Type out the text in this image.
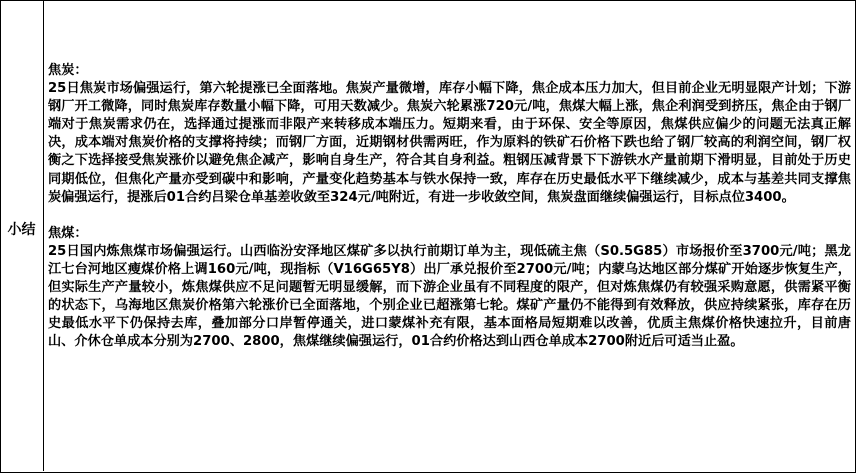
小结
焦炭：
25日焦炭市场偏强运行，第六轮提涨已全面落地。焦炭产量微增，库存小幅下降，焦企成本压力加大，但目前企业无明显限产计划；下游钢厂开工微降，同时焦炭库存数量小幅下降，可用天数减少。焦炭六轮累涨720元/吨，焦煤大幅上涨，焦企利润受到挤压，焦企由于钢厂端对于焦炭需求仍在，选择通过提涨而非限产来转移成本端压力。短期来看，由于环保、安全等原因，焦煤供应偏少的问题无法真正解决，成本端对焦炭价格的支撑将持续；而钢厂方面，近期钢材供需两旺，作为原料的铁矿石价格下跌也给了钢厂较高的利润空间，钢厂权衡之下选择接受焦炭涨价以避免焦企减产，影响自身生产，符合其自身利益。粗钢压减背景下下游铁水产量前期下滑明显，目前处于历史同期低位，但焦化产量亦受到碳中和影响，产量变化趋势基本与铁水保持一致，库存在历史最低水平下继续减少，成本与基差共同支撑焦炭偏强运行，提涨后01合约吕梁仓单基差收敛至324元/吨附近，有进一步收敛空间，焦炭盘面继续偏强运行，目标点位3400。
焦煤：
25日国内炼焦煤市场偏强运行。山西临汾安泽地区煤矿多以执行前期订单为主，现低硫主焦（S0.5G85）市场报价至3700元/吨；黑龙江七台河地区瘦煤价格上调160元/吨，现指标（V16G65Y8）出厂承兑报价至2700元/吨；内蒙乌达地区部分煤矿开始逐步恢复生产，但实际生产产量较小，炼焦煤供应不足问题暂无明显缓解，而下游企业虽有不同程度的限产，但对炼焦煤仍有较强采购意愿，供需紧平衡的状态下，乌海地区焦炭价格第六轮涨价已全面落地，个别企业已超涨第七轮。煤矿产量仍不能得到有效释放，供应持续紧张，库存在历史最低水平下仍保持去库，叠加部分口岸暂停通关，进口蒙煤补充有限，基本面格局短期难以改善，优质主焦煤价格快速拉升，目前唐山、介休仓单成本分别为2700、2800，焦煤继续偏强运行，01合约价格达到山西仓单成本2700附近后可适当止盈。
